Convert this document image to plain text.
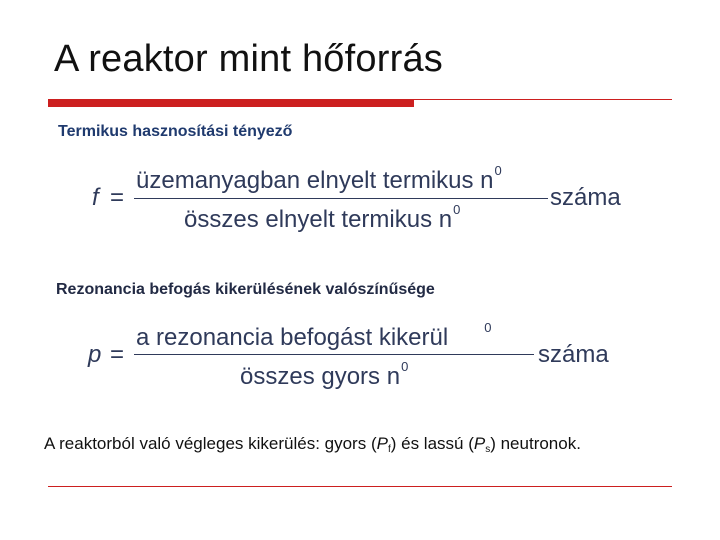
A reaktor mint hőforrás
Termikus hasznosítási tényező
f =
üzemanyagban elnyelt termikus $n^0$
összes elnyelt termikus $n^0$	száma
Rezonancia befogás kikerülésének valószínűsége
p =
a rezonancia befogást kikerül	$^0$
összes gyors $n^0$	száma
A reaktorból való végleges kikerülés: gyors $(P_f)$ és lassú $(P_s)$ neutronok.
